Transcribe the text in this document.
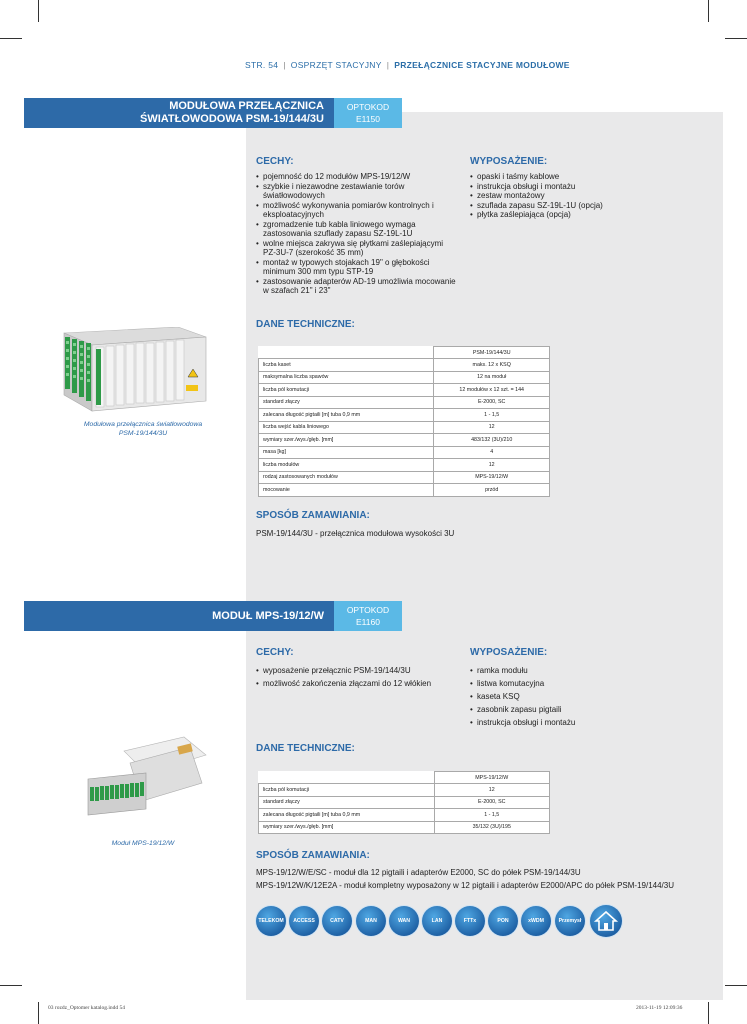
STR. 54 | OSPRZĘT STACYJNY | PRZEŁĄCZNICE STACYJNE MODUŁOWE
MODUŁOWA PRZEŁĄCZNICA
ŚWIATŁOWODOWA PSM-19/144/3U
OPTOKOD
E1150
CECHY:
• pojemność do 12 modułów MPS-19/12/W
• szybkie i niezawodne zestawianie torów światłowodowych
• możliwość wykonywania pomiarów kontrolnych i eksploatacyjnych
• zgromadzenie tub kabla liniowego wymaga zastosowania szuflady zapasu SZ-19L-1U
• wolne miejsca zakrywa się płytkami zaślepiającymi PZ-3U-7 (szerokość 35 mm)
• montaż w typowych stojakach 19" o głębokości minimum 300 mm typu STP-19
• zastosowanie adapterów AD-19 umożliwia mocowanie w szafach 21" i 23"
WYPOSAŻENIE:
• opaski i taśmy kablowe
• instrukcja obsługi i montażu
• zestaw montażowy
• szuflada zapasu SZ-19L-1U (opcja)
• płytka zaślepiająca (opcja)
Modułowa przełącznica światłowodowa
PSM-19/144/3U
DANE TECHNICZNE:
	PSM-19/144/3U
liczba kaset	maks. 12 x KSQ
maksymalna liczba spawów	12 na moduł
liczba pól komutacji	12 modułów x 12 szt. = 144
standard złączy	E-2000, SC
zalecana długość pigtaili [m] tuba 0,9 mm	1 - 1,5
liczba wejść kabla liniowego	12
wymiary szer./wys./głęb. [mm]	483/132 (3U)/210
masa [kg]	4
liczba modułów	12
rodzaj zastosowanych modułów	MPS-19/12/W
mocowanie	przód
SPOSÓB ZAMAWIANIA:
PSM-19/144/3U - przełącznica modułowa wysokości 3U
MODUŁ MPS-19/12/W	OPTOKOD
E1160
CECHY:
• wyposażenie przełącznic PSM-19/144/3U
• możliwość zakończenia złączami do 12 włókien
WYPOSAŻENIE:
• ramka modułu
• listwa komutacyjna
• kaseta KSQ
• zasobnik zapasu pigtaili
• instrukcja obsługi i montażu
Moduł MPS-19/12/W
DANE TECHNICZNE:
	MPS-19/12/W
liczba pól komutacji	12
standard złączy	E-2000, SC
zalecana długość pigtaili [m] tuba 0,9 mm	1 - 1,5
wymiary szer./wys./głęb. [mm]	35/132 (3U)/195
SPOSÓB ZAMAWIANIA:
MPS-19/12/W/E/SC - moduł dla 12 pigtaili i adapterów E2000, SC do półek PSM-19/144/3U
MPS-19/12W/K/12E2A - moduł kompletny wyposażony w 12 pigtaili i adapterów E2000/APC do półek PSM-19/144/3U
TELEKOM	ACCESS	CATV	MAN	WAN	LAN	FTTx	PON	xWDM	Przemysł
03 rozdz_Optomer katalog.indd 54	2013-11-19 12:09:36
